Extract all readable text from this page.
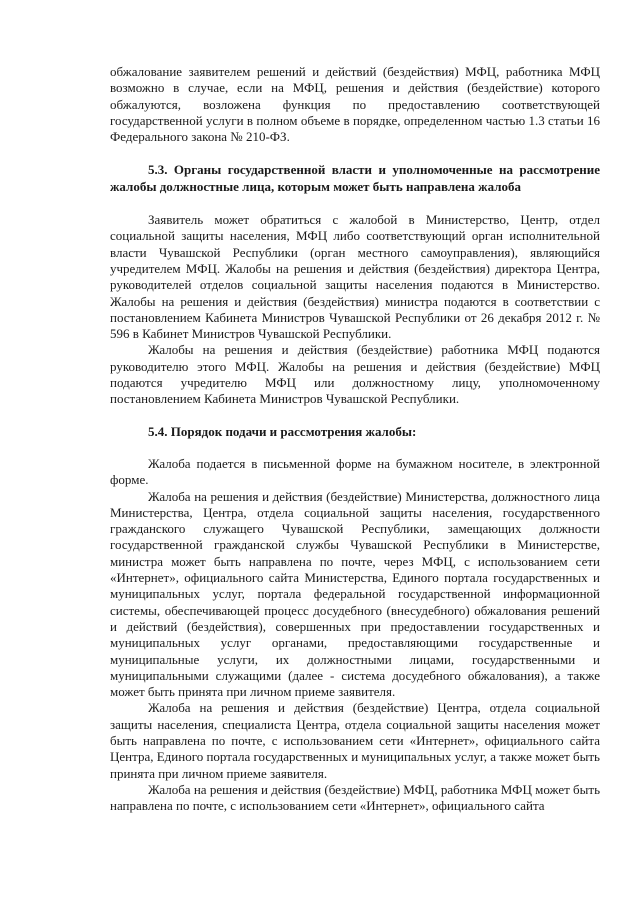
обжалование заявителем решений и действий (бездействия) МФЦ, работника МФЦ возможно в случае, если на МФЦ, решения и действия (бездействие) которого обжалуются, возложена функция по предоставлению соответствующей государственной услуги в полном объеме в порядке, определенном частью 1.3 статьи 16 Федерального закона № 210-ФЗ.

5.3. Органы государственной власти и уполномоченные на рассмотрение жалобы должностные лица, которым может быть направлена жалоба

Заявитель может обратиться с жалобой в Министерство, Центр, отдел социальной защиты населения, МФЦ либо соответствующий орган исполнительной власти Чувашской Республики (орган местного самоуправления), являющийся учредителем МФЦ. Жалобы на решения и действия (бездействия) директора Центра, руководителей отделов социальной защиты населения подаются в Министерство. Жалобы на решения и действия (бездействия) министра подаются в соответствии с постановлением Кабинета Министров Чувашской Республики от 26 декабря 2012 г. № 596 в Кабинет Министров Чувашской Республики.

Жалобы на решения и действия (бездействие) работника МФЦ подаются руководителю этого МФЦ. Жалобы на решения и действия (бездействие) МФЦ подаются учредителю МФЦ или должностному лицу, уполномоченному постановлением Кабинета Министров Чувашской Республики.

5.4. Порядок подачи и рассмотрения жалобы:

Жалоба подается в письменной форме на бумажном носителе, в электронной форме.

Жалоба на решения и действия (бездействие) Министерства, должностного лица Министерства, Центра, отдела социальной защиты населения, государственного гражданского служащего Чувашской Республики, замещающих должности государственной гражданской службы Чувашской Республики в Министерстве, министра может быть направлена по почте, через МФЦ, с использованием сети «Интернет», официального сайта Министерства, Единого портала государственных и муниципальных услуг, портала федеральной государственной информационной системы, обеспечивающей процесс досудебного (внесудебного) обжалования решений и действий (бездействия), совершенных при предоставлении государственных и муниципальных услуг органами, предоставляющими государственные и муниципальные услуги, их должностными лицами, государственными и муниципальными служащими (далее - система досудебного обжалования), а также может быть принята при личном приеме заявителя.

Жалоба на решения и действия (бездействие) Центра, отдела социальной защиты населения, специалиста Центра, отдела социальной защиты населения может быть направлена по почте, с использованием сети «Интернет», официального сайта Центра, Единого портала государственных и муниципальных услуг, а также может быть принята при личном приеме заявителя.

Жалоба на решения и действия (бездействие) МФЦ, работника МФЦ может быть направлена по почте, с использованием сети «Интернет», официального сайта
